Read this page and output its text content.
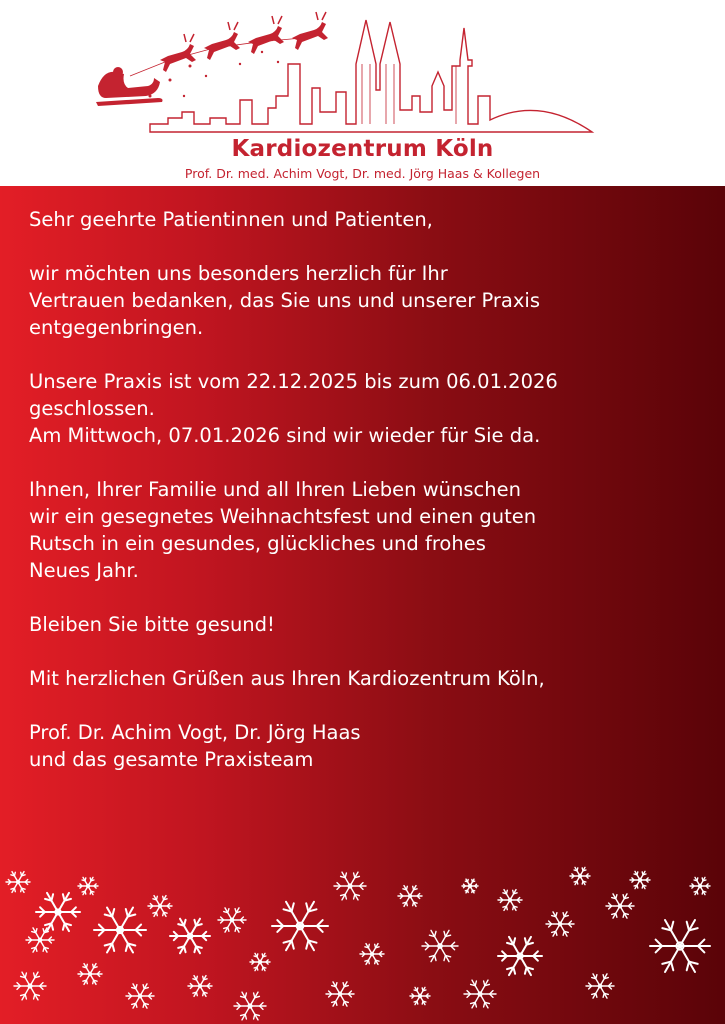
Kardiozentrum Köln
Prof. Dr. med. Achim Vogt, Dr. med. Jörg Haas & Kollegen

Sehr geehrte Patientinnen und Patienten,

wir möchten uns besonders herzlich für Ihr
Vertrauen bedanken, das Sie uns und unserer Praxis
entgegenbringen.

Unsere Praxis ist vom 22.12.2025 bis zum 06.01.2026
geschlossen.
Am Mittwoch, 07.01.2026 sind wir wieder für Sie da.

Ihnen, Ihrer Familie und all Ihren Lieben wünschen
wir ein gesegnetes Weihnachtsfest und einen guten
Rutsch in ein gesundes, glückliches und frohes
Neues Jahr.

Bleiben Sie bitte gesund!

Mit herzlichen Grüßen aus Ihren Kardiozentrum Köln,

Prof. Dr. Achim Vogt, Dr. Jörg Haas
und das gesamte Praxisteam
